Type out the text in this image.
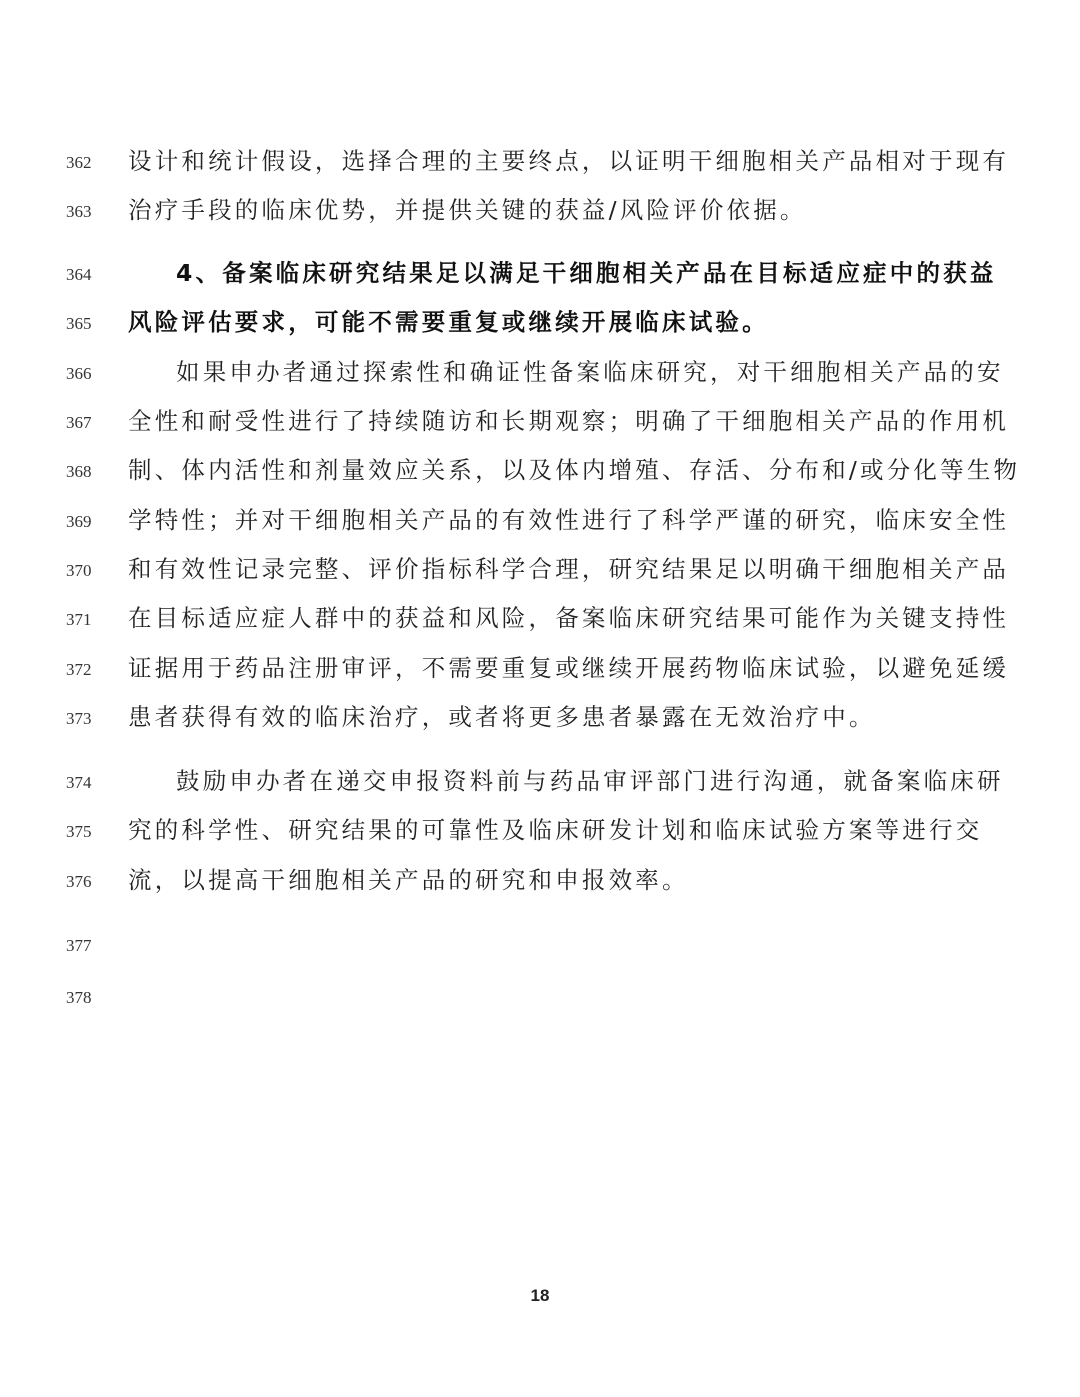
362	设计和统计假设，选择合理的主要终点，以证明干细胞相关产品相对于现有
363	治疗手段的临床优势，并提供关键的获益/风险评价依据。
364	4、备案临床研究结果足以满足干细胞相关产品在目标适应症中的获益
365	风险评估要求，可能不需要重复或继续开展临床试验。
366	如果申办者通过探索性和确证性备案临床研究，对干细胞相关产品的安
367	全性和耐受性进行了持续随访和长期观察；明确了干细胞相关产品的作用机
368	制、体内活性和剂量效应关系，以及体内增殖、存活、分布和/或分化等生物
369	学特性；并对干细胞相关产品的有效性进行了科学严谨的研究，临床安全性
370	和有效性记录完整、评价指标科学合理，研究结果足以明确干细胞相关产品
371	在目标适应症人群中的获益和风险，备案临床研究结果可能作为关键支持性
372	证据用于药品注册审评，不需要重复或继续开展药物临床试验，以避免延缓
373	患者获得有效的临床治疗，或者将更多患者暴露在无效治疗中。
374	鼓励申办者在递交申报资料前与药品审评部门进行沟通，就备案临床研
375	究的科学性、研究结果的可靠性及临床研发计划和临床试验方案等进行交
376	流，以提高干细胞相关产品的研究和申报效率。
377
378
18
